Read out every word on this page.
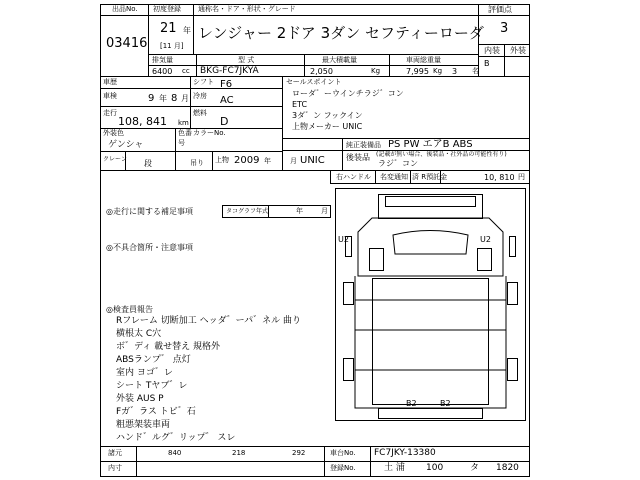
出品No.
03416
初度登録
21 年
[11 月]
通称名・ドア・形状・グレード
レンジャー 2ドア 3ダン セフティーローダ
評価点
3
内装 外装
B
排気量
6400 cc
型 式
BKG-FC7JKYA
最大積載量
2,050	Kg
車両総重量
7,995 Kg 3 名
車歴	シフト F6
車検	9 年 8 月 冷房 AC
走行
108, 841 km
燃料
D
外装色
ゲンシャ
色番
号
カラーNo.
クレーン 段	吊り 上物 2009 年	月 UNIC
セールスポイント
ローダ゛ーウインチラジ゛コン
ETC
3ダ゛ン フックイン
上物メーカー UNIC
純正装備品 PS PW エアB ABS
後装品 (記載が無い場合、後装品・社外品の可能性有り)
ラジ゛コン
右ハンドル 名変通知 済 R預託金	10, 810 円
◎走行に関する補足事項	タコグラフ年式	年	月
◎不具合箇所・注意事項
◎検査員報告
Rフレーム 切断加工 ヘッダ゛ーパ゛ネル 曲り
横根太 C穴
ボ゛ディ 載せ替え 規格外
ABSランプ゛ 点灯
室内 ヨゴ゛レ
シート Tヤブ゛レ
外装 AUS P
Fガ゛ラス トビ゛石
粗悪架装車両
ハンド゛ルグ゛リップ゛ スレ
U2	U2
B2	B2
諸元	840	218	292
内寸
車台No. FC7JKY-13380
登録No.	土 浦 100	タ 1820
